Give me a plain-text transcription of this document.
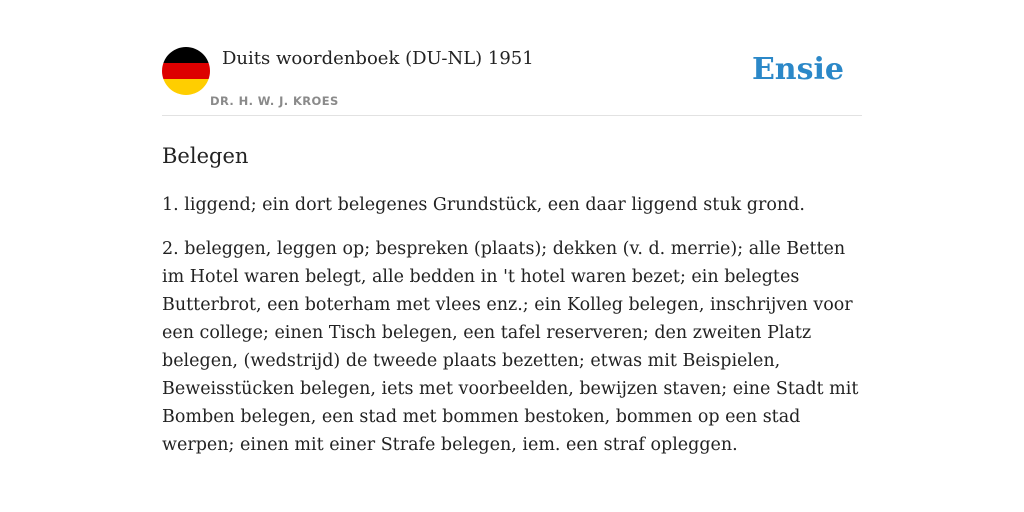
Duits woordenboek (DU-NL) 1951
DR. H. W. J. KROES
Ensie
Belegen

1. liggend; ein dort belegenes Grundstück, een daar liggend stuk grond.

2. beleggen, leggen op; bespreken (plaats); dekken (v. d. merrie); alle Betten im Hotel waren belegt, alle bedden in 't hotel waren bezet; ein belegtes Butterbrot, een boterham met vlees enz.; ein Kolleg belegen, inschrijven voor een college; einen Tisch belegen, een tafel reserveren; den zweiten Platz belegen, (wedstrijd) de tweede plaats bezetten; etwas mit Beispielen, Beweisstücken belegen, iets met voorbeelden, bewijzen staven; eine Stadt mit Bomben belegen, een stad met bommen bestoken, bommen op een stad werpen; einen mit einer Strafe belegen, iem. een straf opleggen.
